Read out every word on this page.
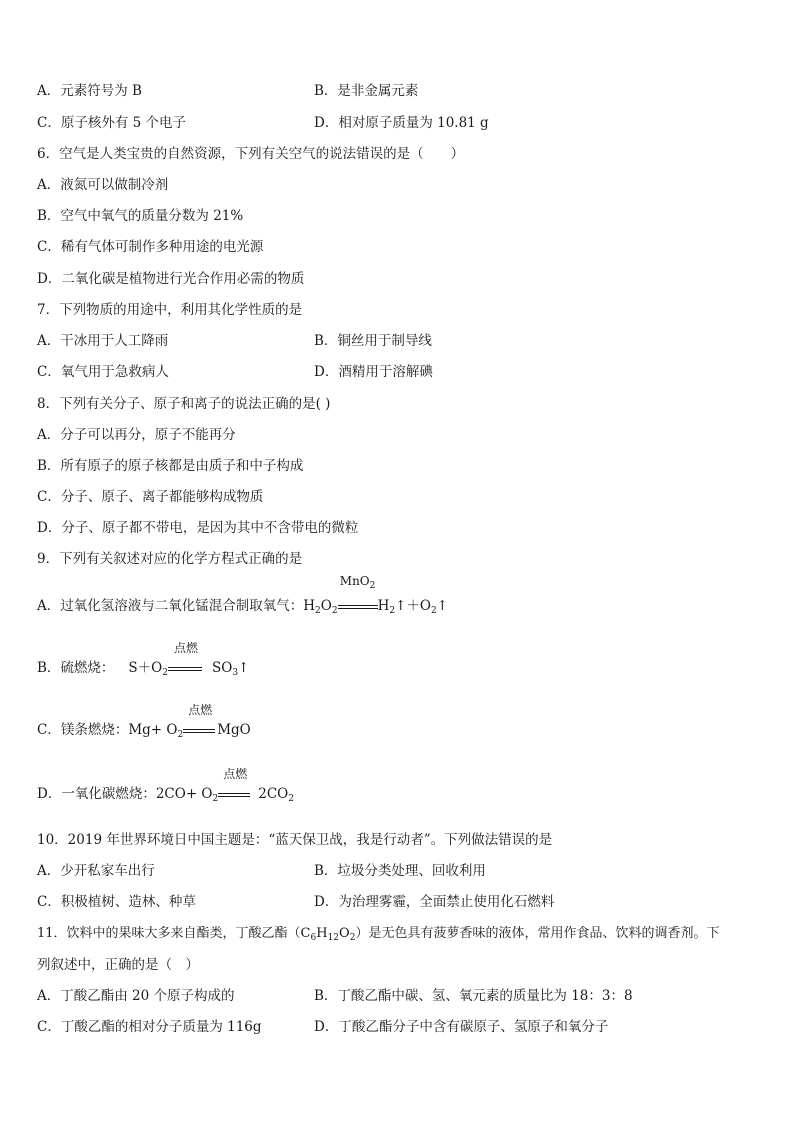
A．元素符号为 B	B．是非金属元素
C．原子核外有 5 个电子	D．相对原子质量为 10.81 g
6．空气是人类宝贵的自然资源，下列有关空气的说法错误的是（　　）
A．液氮可以做制冷剂
B．空气中氧气的质量分数为 21%
C．稀有气体可制作多种用途的电光源
D．二氧化碳是植物进行光合作用必需的物质
7．下列物质的用途中，利用其化学性质的是
A．干冰用于人工降雨	B．铜丝用于制导线
C．氧气用于急救病人	D．酒精用于溶解碘
8．下列有关分子、原子和离子的说法正确的是( )
A．分子可以再分，原子不能再分
B．所有原子的原子核都是由质子和中子构成
C．分子、原子、离子都能够构成物质
D．分子、原子都不带电，是因为其中不含带电的微粒
9．下列有关叙述对应的化学方程式正确的是
A．过氧化氢溶液与二氧化锰混合制取氧气：$H_2O_2$
MnO$_2$
$H_2↑+O_2↑$
B．硫燃烧： $S+O_2$
点燃
$SO_3↑$
C．镁条燃烧：$Mg+ O_2$
点燃
MgO
D．一氧化碳燃烧：$2CO+ O_2$
点燃
$2CO_2$
10．2019 年世界环境日中国主题是：“蓝天保卫战，我是行动者”。下列做法错误的是
A．少开私家车出行	B．垃圾分类处理、回收利用
C．积极植树、造林、种草	D．为治理雾霾，全面禁止使用化石燃料
11．饮料中的果味大多来自酯类，丁酸乙酯$(C_6H_{12}O_2)$是无色具有菠萝香味的液体，常用作食品、饮料的调香剂。下
列叙述中，正确的是（　）
A．丁酸乙酯由 20 个原子构成的	B．丁酸乙酯中碳、氢、氧元素的质量比为 18：3：8
C．丁酸乙酯的相对分子质量为 116g	D．丁酸乙酯分子中含有碳原子、氢原子和氧分子
